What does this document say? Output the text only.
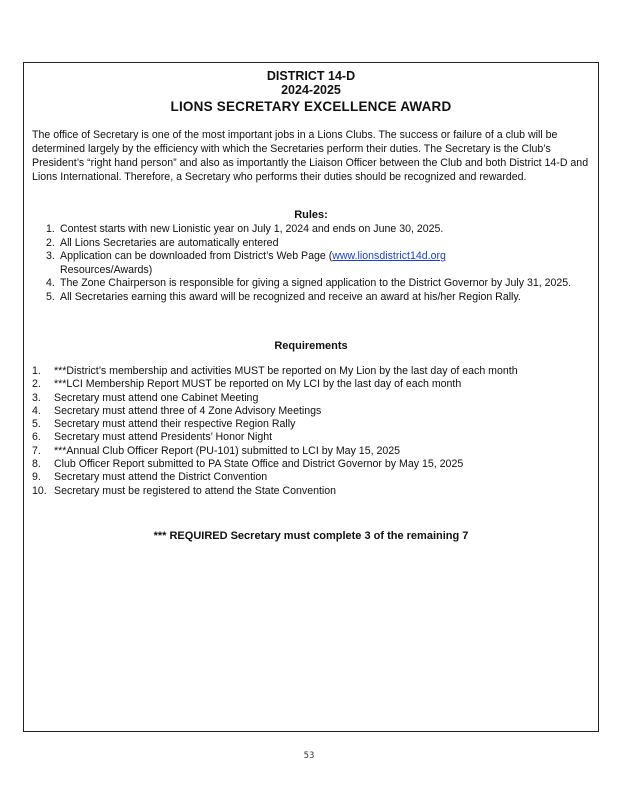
DISTRICT 14-D
2024-2025
LIONS SECRETARY EXCELLENCE AWARD

The office of Secretary is one of the most important jobs in a Lions Clubs. The success or failure of a club will be determined largely by the efficiency with which the Secretaries perform their duties. The Secretary is the Club’s President’s “right hand person” and also as importantly the Liaison Officer between the Club and both District 14-D and Lions International. Therefore, a Secretary who performs their duties should be recognized and rewarded.

Rules:
1. Contest starts with new Lionistic year on July 1, 2024 and ends on June 30, 2025.
2. All Lions Secretaries are automatically entered
3. Application can be downloaded from District’s Web Page (www.lionsdistrict14d.org
Resources/Awards)
4. The Zone Chairperson is responsible for giving a signed application to the District Governor by July 31, 2025.
5. All Secretaries earning this award will be recognized and receive an award at his/her Region Rally.
Requirements
1.	***District’s membership and activities MUST be reported on My Lion by the last day of each month
2.	***LCI Membership Report MUST be reported on My LCI by the last day of each month
3.	Secretary must attend one Cabinet Meeting
4.	Secretary must attend three of 4 Zone Advisory Meetings
5.	Secretary must attend their respective Region Rally
6.	Secretary must attend Presidents’ Honor Night
7.	***Annual Club Officer Report (PU-101) submitted to LCI by May 15, 2025
8.	Club Officer Report submitted to PA State Office and District Governor by May 15, 2025
9.	Secretary must attend the District Convention
10. Secretary must be registered to attend the State Convention
*** REQUIRED Secretary must complete 3 of the remaining 7
53
